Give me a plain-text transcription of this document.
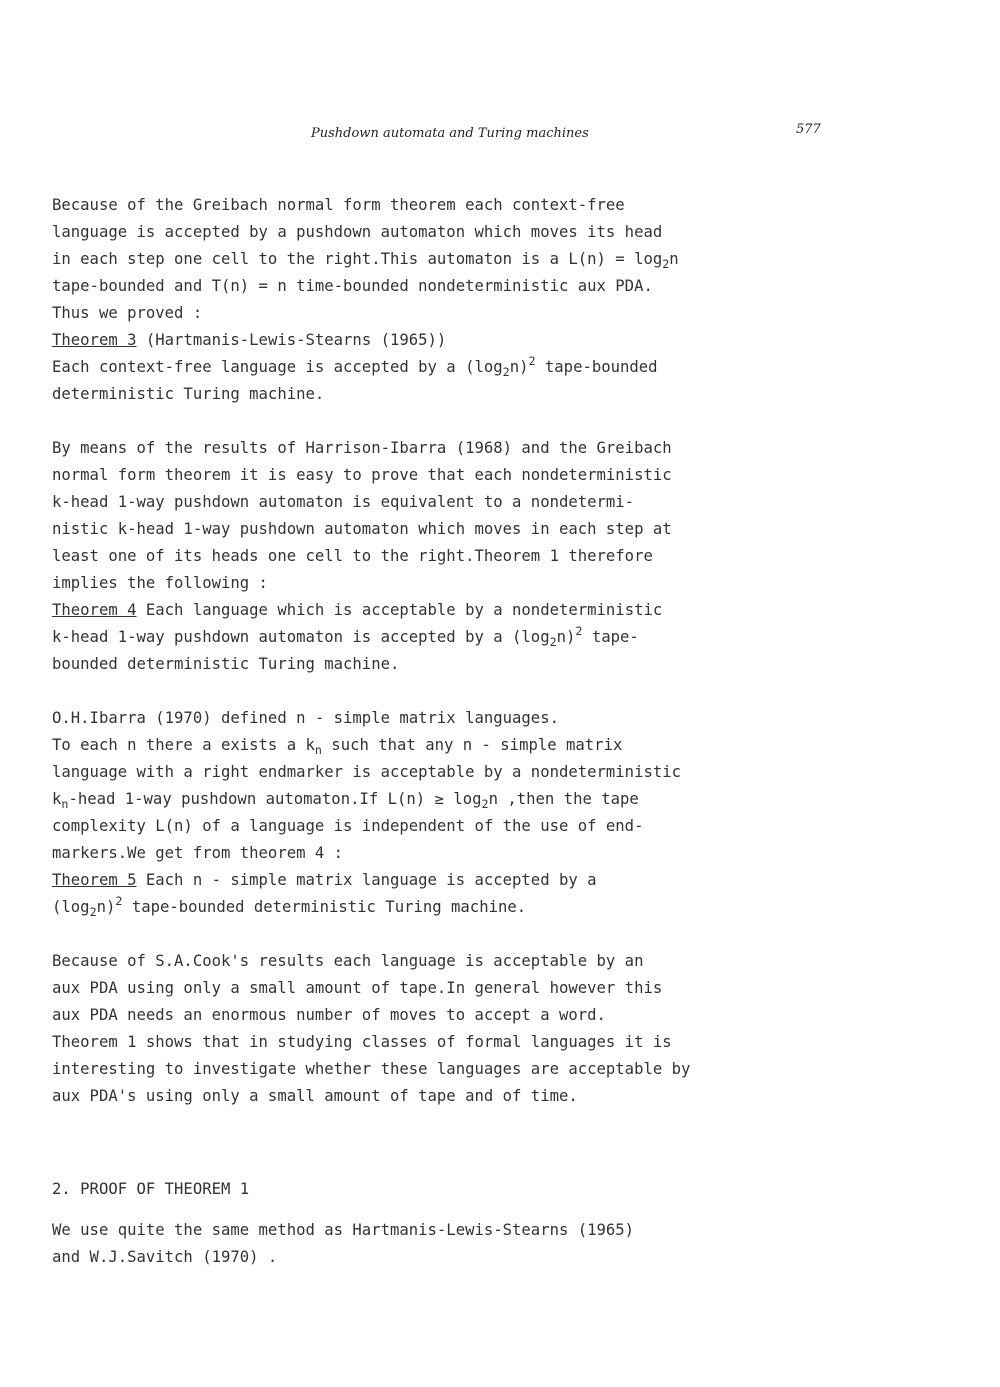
Pushdown automata and Turing machines	577

Because of the Greibach normal form theorem each context-free

language is accepted by a pushdown automaton which moves its head

in each step one cell to the right.This automaton is a $L(n) = \log_2n$

tape-bounded and T(n) = n time-bounded nondeterministic aux PDA.

Thus we proved :

Theorem 3 (Hartmanis-Lewis-Stearns (1965))

Each context-free language is accepted by a $(\log_2n)^2$ tape-bounded

deterministic Turing machine.

By means of the results of Harrison-Ibarra (1968) and the Greibach

normal form theorem it is easy to prove that each nondeterministic

k-head 1-way pushdown automaton is equivalent to a nondetermi-

nistic k-head 1-way pushdown automaton which moves in each step at

least one of its heads one cell to the right.Theorem 1 therefore

implies the following :

Theorem 4 Each language which is acceptable by a nondeterministic

k-head 1-way pushdown automaton is accepted by a $(\log_2n)^2$ tape-

bounded deterministic Turing machine.

O.H.Ibarra (1970) defined n - simple matrix languages.

To each n there a exists a $k_n$ such that any n - simple matrix

language with a right endmarker is acceptable by a nondeterministic

$k_n$-head 1-way pushdown automaton.If $L(n) \ge \log_2n$ ,then the tape

complexity L(n) of a language is independent of the use of end-

markers.We get from theorem 4 :

Theorem 5 Each n - simple matrix language is accepted by a

$(\log_2n)^2$ tape-bounded deterministic Turing machine.

Because of S.A.Cook's results each language is acceptable by an

aux PDA using only a small amount of tape.In general however this

aux PDA needs an enormous number of moves to accept a word.

Theorem 1 shows that in studying classes of formal languages it is

interesting to investigate whether these languages are acceptable by

aux PDA's using only a small amount of tape and of time.

2. PROOF OF THEOREM 1

We use quite the same method as Hartmanis-Lewis-Stearns (1965)

and W.J.Savitch (1970) .
